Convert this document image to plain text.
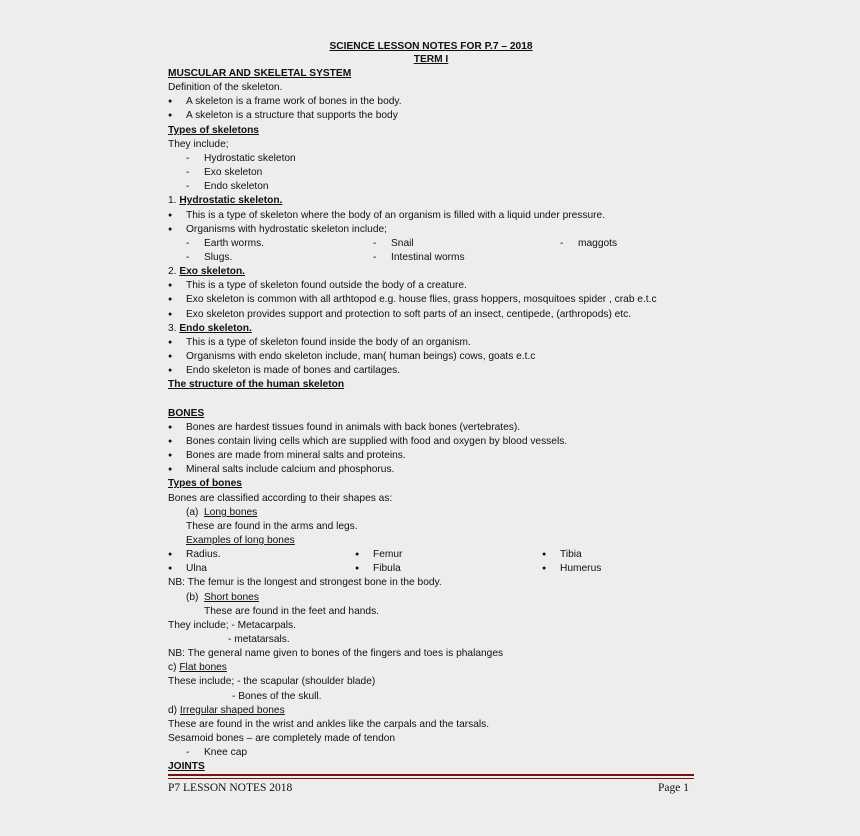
SCIENCE LESSON NOTES FOR P.7 – 2018
TERM I
MUSCULAR AND SKELETAL SYSTEM
Definition of the skeleton.
● A skeleton is a frame work of bones in the body.
● A skeleton is a structure that supports the body
Types of skeletons
They include;
- Hydrostatic skeleton
- Exo skeleton
- Endo skeleton
1. Hydrostatic skeleton.
● This is a type of skeleton where the body of an organism is filled with a liquid under pressure.
● Organisms with hydrostatic skeleton include;
- Earth worms.	- Snail	- maggots
- Slugs.	- Intestinal worms
2. Exo skeleton.
● This is a type of skeleton found outside the body of a creature.
● Exo skeleton is common with all arthtopod e.g. house flies, grass hoppers, mosquitoes spider , crab e.t.c
● Exo skeleton provides support and protection to soft parts of an insect, centipede, (arthropods) etc.
3. Endo skeleton.
● This is a type of skeleton found inside the body of an organism.
● Organisms with endo skeleton include, man( human beings) cows, goats e.t.c
● Endo skeleton is made of bones and cartilages.
The structure of the human skeleton
BONES
● Bones are hardest tissues found in animals with back bones (vertebrates).
● Bones contain living cells which are supplied with food and oxygen by blood vessels.
● Bones are made from mineral salts and proteins.
● Mineral salts include calcium and phosphorus.
Types of bones
Bones are classified according to their shapes as:
(a) Long bones
These are found in the arms and legs.
Examples of long bones
● Radius.	● Femur	● Tibia
● Ulna	● Fibula	● Humerus
NB: The femur is the longest and strongest bone in the body.
(b) Short bones
These are found in the feet and hands.
They include; - Metacarpals.
- metatarsals.
NB: The general name given to bones of the fingers and toes is phalanges
c) Flat bones
These include; - the scapular (shoulder blade)
- Bones of the skull.
d) Irregular shaped bones
These are found in the wrist and ankles like the carpals and the tarsals.
Sesamoid bones – are completely made of tendon
- Knee cap
JOINTS
P7 LESSON NOTES 2018	Page 1
